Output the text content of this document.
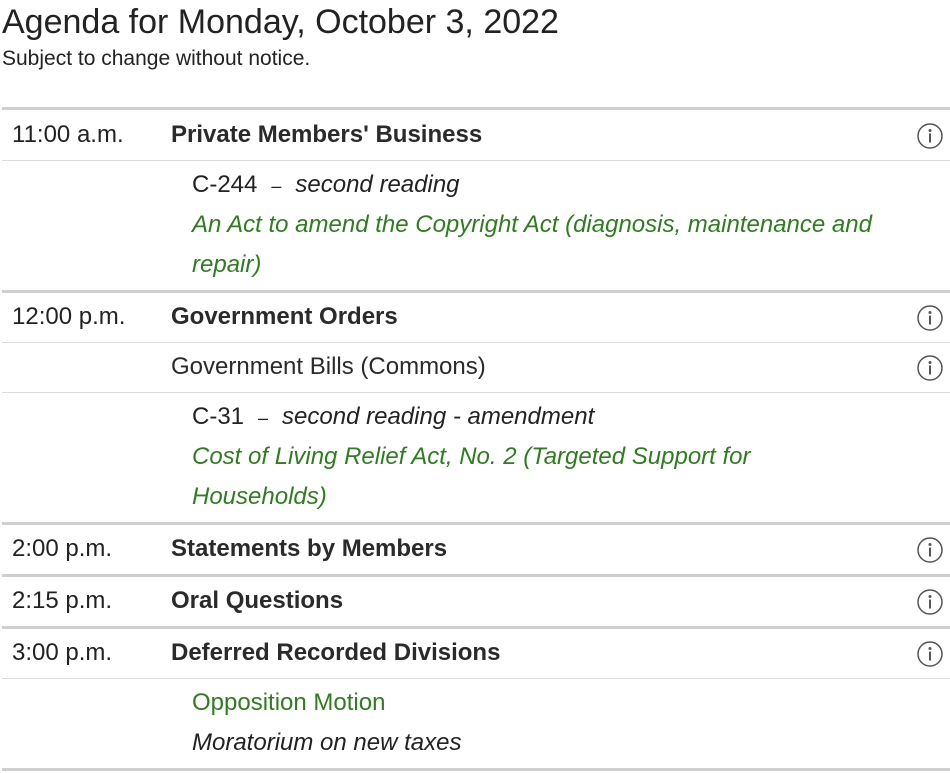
Agenda for Monday, October 3, 2022
Subject to change without notice.
11:00 a.m. Private Members' Business
C-244 – second reading
An Act to amend the Copyright Act (diagnosis, maintenance and repair)
12:00 p.m. Government Orders
Government Bills (Commons)
C-31 – second reading - amendment
Cost of Living Relief Act, No. 2 (Targeted Support for Households)
2:00 p.m. Statements by Members
2:15 p.m. Oral Questions
3:00 p.m. Deferred Recorded Divisions
Opposition Motion
Moratorium on new taxes
